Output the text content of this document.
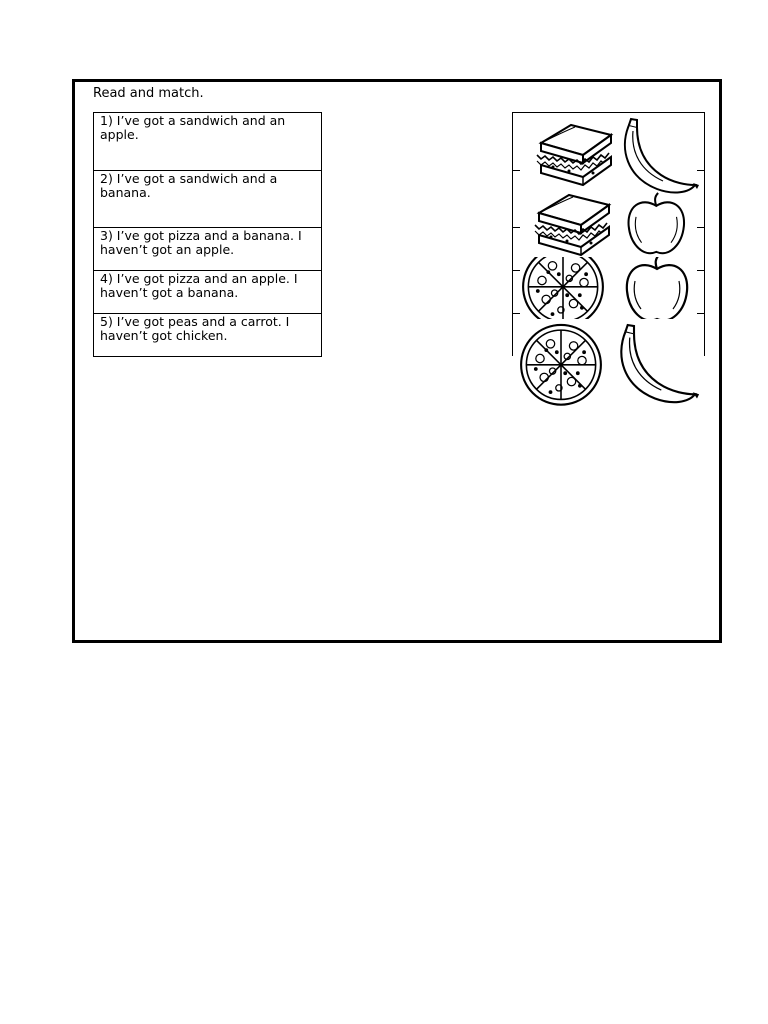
Read and match.
1) I’ve got a sandwich and an apple.
2) I’ve got a sandwich and a banana.
3) I’ve got pizza and a banana. I haven’t got an apple.
4) I’ve got pizza and an apple. I haven’t got a banana.
5) I’ve got peas and a carrot. I haven’t got chicken.
